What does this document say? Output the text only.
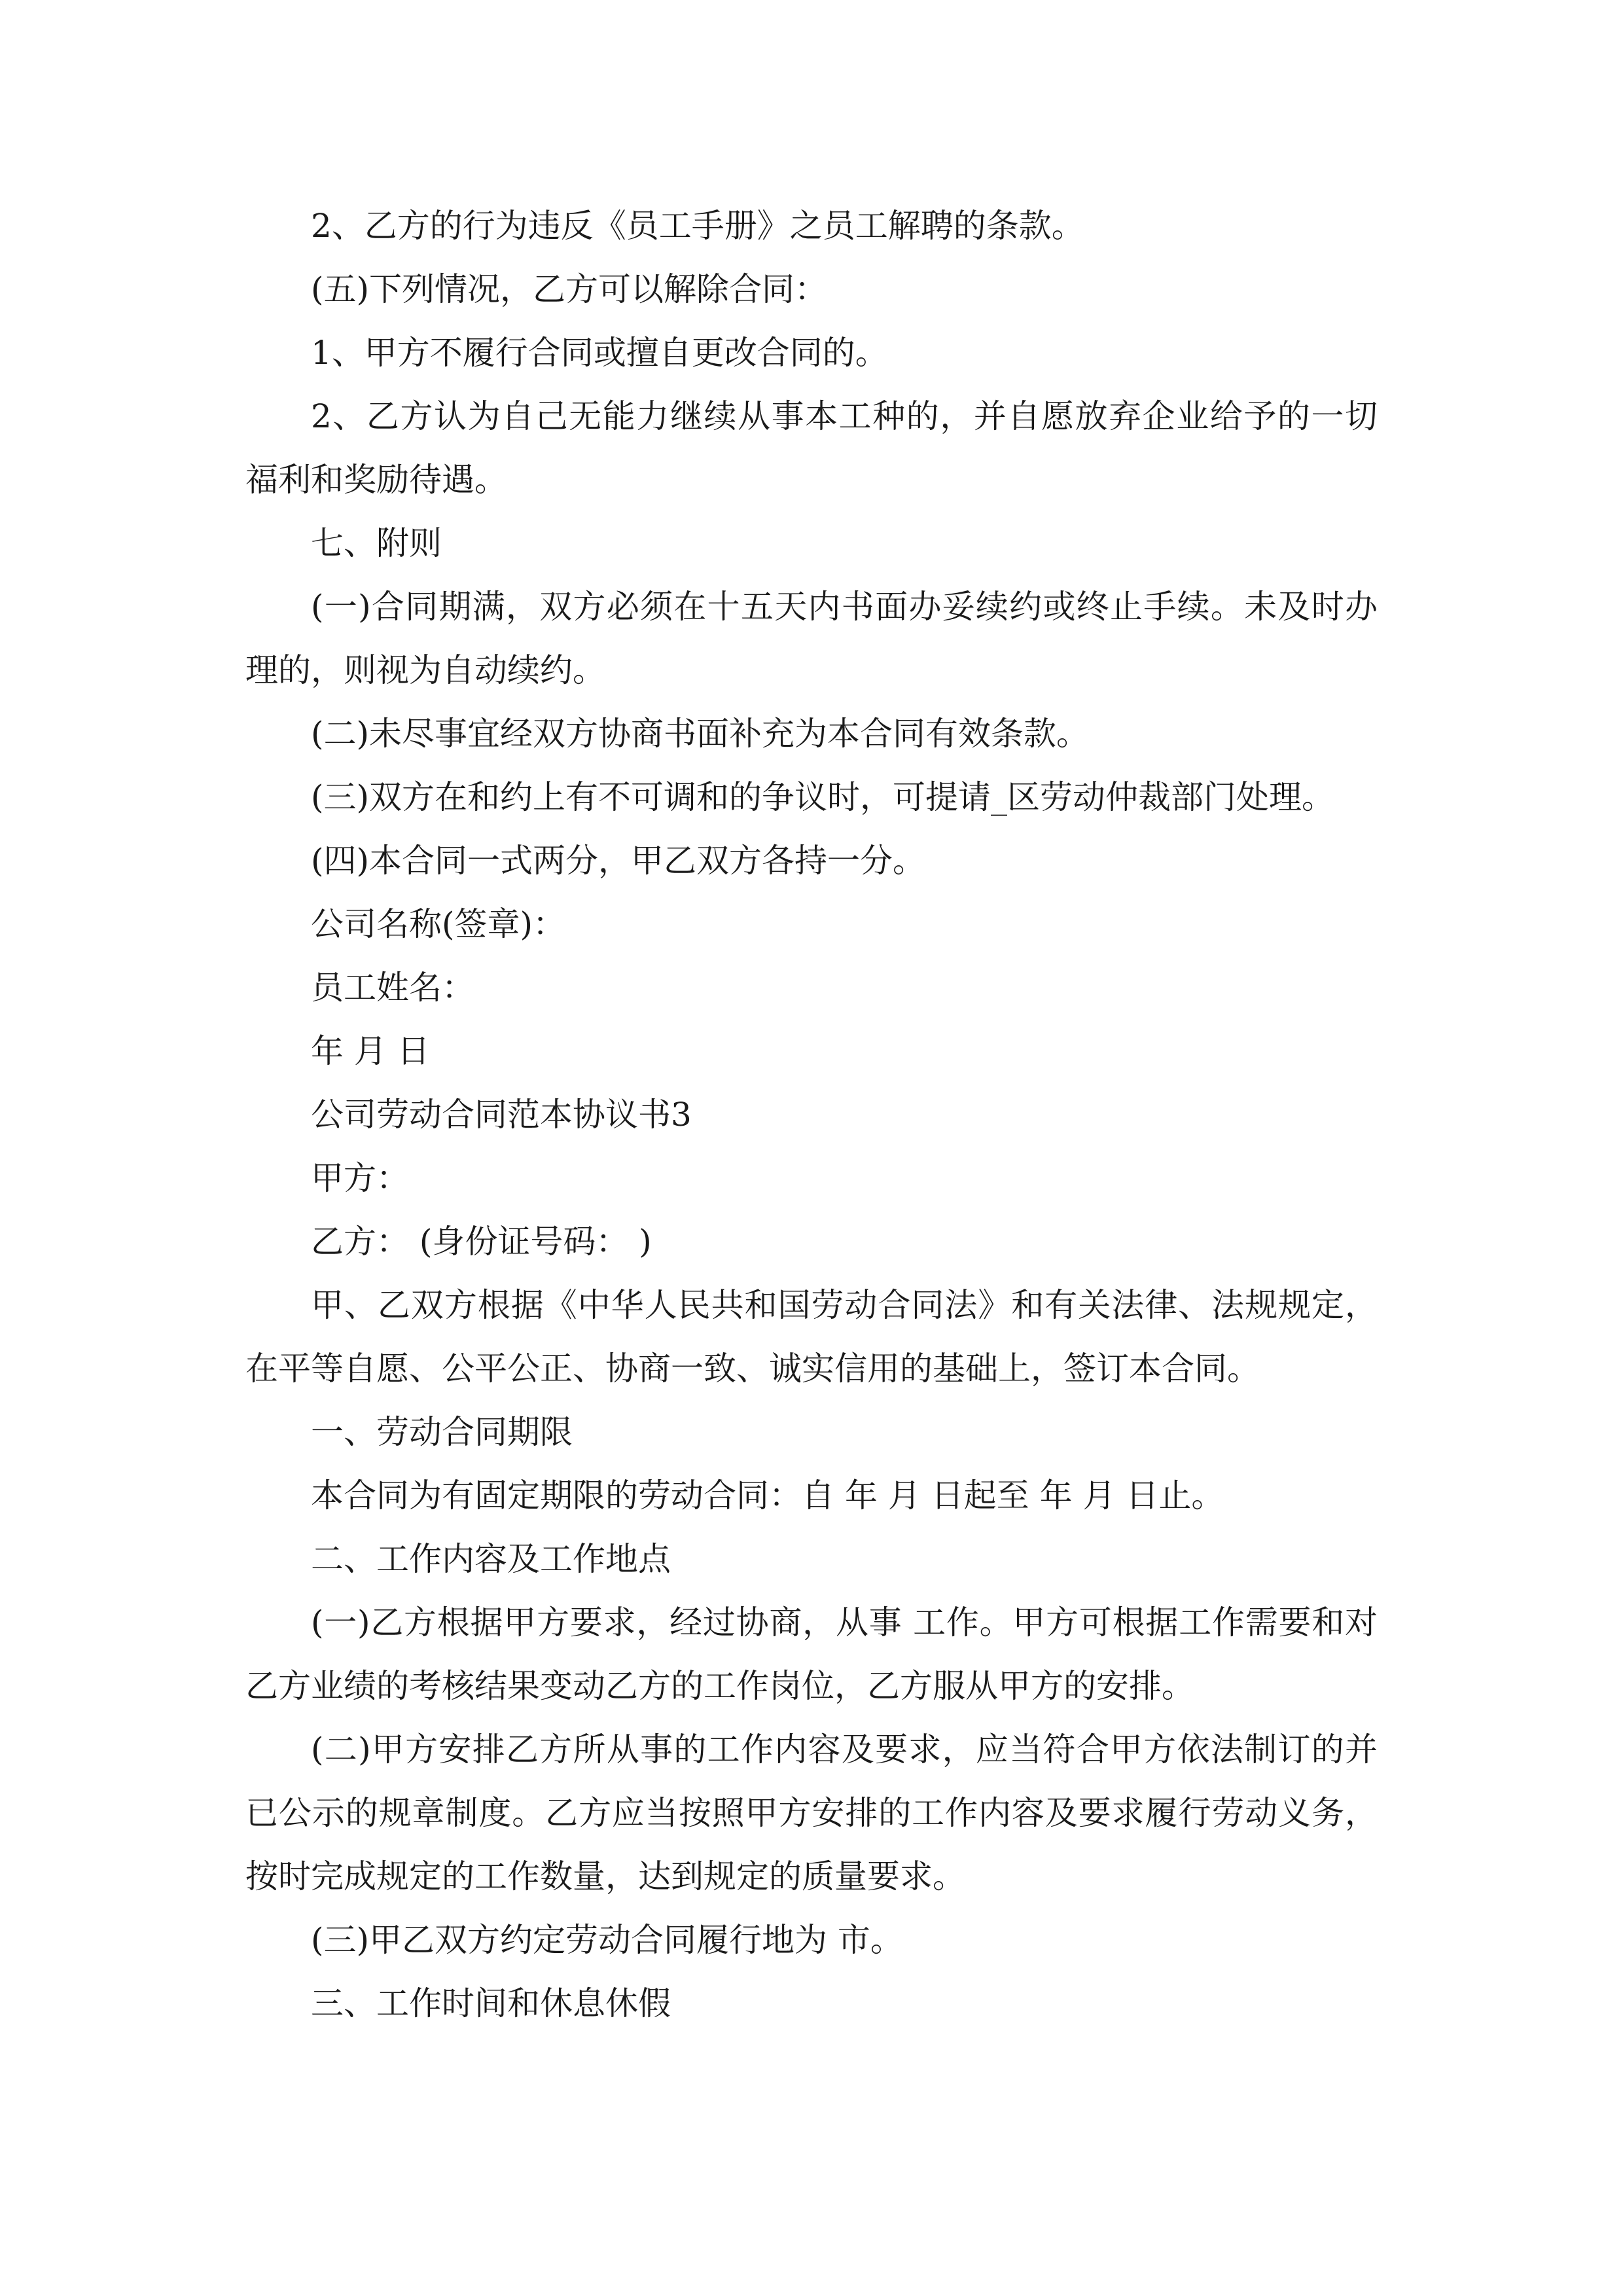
2、乙方的行为违反《员工手册》之员工解聘的条款。

(五)下列情况，乙方可以解除合同：

1、甲方不履行合同或擅自更改合同的。

2、乙方认为自己无能力继续从事本工种的，并自愿放弃企业给予的一切福利和奖励待遇。

七、附则

(一)合同期满，双方必须在十五天内书面办妥续约或终止手续。未及时办理的，则视为自动续约。

(二)未尽事宜经双方协商书面补充为本合同有效条款。

(三)双方在和约上有不可调和的争议时，可提请_区劳动仲裁部门处理。

(四)本合同一式两分，甲乙双方各持一分。

公司名称(签章)：

员工姓名：

年 月 日

公司劳动合同范本协议书3

甲方：

乙方： (身份证号码： )

甲、乙双方根据《中华人民共和国劳动合同法》和有关法律、法规规定，在平等自愿、公平公正、协商一致、诚实信用的基础上，签订本合同。

一、劳动合同期限

本合同为有固定期限的劳动合同：自 年 月 日起至 年 月 日止。

二、工作内容及工作地点

(一)乙方根据甲方要求，经过协商，从事 工作。甲方可根据工作需要和对乙方业绩的考核结果变动乙方的工作岗位，乙方服从甲方的安排。

(二)甲方安排乙方所从事的工作内容及要求，应当符合甲方依法制订的并已公示的规章制度。乙方应当按照甲方安排的工作内容及要求履行劳动义务，按时完成规定的工作数量，达到规定的质量要求。

(三)甲乙双方约定劳动合同履行地为 市。

三、工作时间和休息休假
